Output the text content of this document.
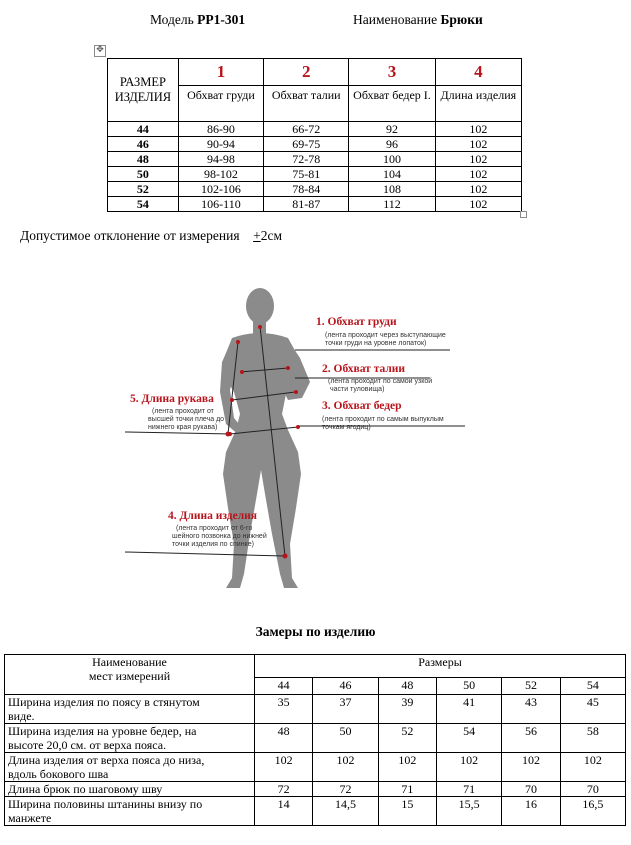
Модель РР1-301	Наименование Брюки
✥
РАЗМЕР ИЗДЕЛИЯ	1	2	3	4
	Обхват груди	Обхват талии	Обхват бедер I.	Длина изделия
44	86-90	66-72	92	102
46	90-94	69-75	96	102
48	94-98	72-78	100	102
50	98-102	75-81	104	102
52	102-106	78-84	108	102
54	106-110	81-87	112	102
Допустимое отклонение от измерения +2см
1. Обхват груди
(лента проходит через выступающие
точки груди на уровне лопаток)
2. Обхват талии
(лента проходит по самой узкой
части туловища)
3. Обхват бедер
(лента проходит по самым выпуклым
точкам ягодиц)
5. Длина рукава
(лента проходит от
высшей точки плеча до
нижнего края рукава)
4. Длина изделия
(лента проходит от 6-го
шейного позвонка до нижней
точки изделия по спинке)
Замеры по изделию
Наименование
мест измерений	Размеры					
	44	46	48	50	52	54
Ширина изделия по поясу в стянутом
виде.	35	37	39	41	43	45
Ширина изделия на уровне бедер, на
высоте 20,0 см. от верха пояса.	48	50	52	54	56	58
Длина изделия от верха пояса до низа,
вдоль бокового шва	102	102	102	102	102	102
Длина брюк по шаговому шву	72	72	71	71	70	70
Ширина половины штанины внизу по
манжете	14	14,5	15	15,5	16	16,5
